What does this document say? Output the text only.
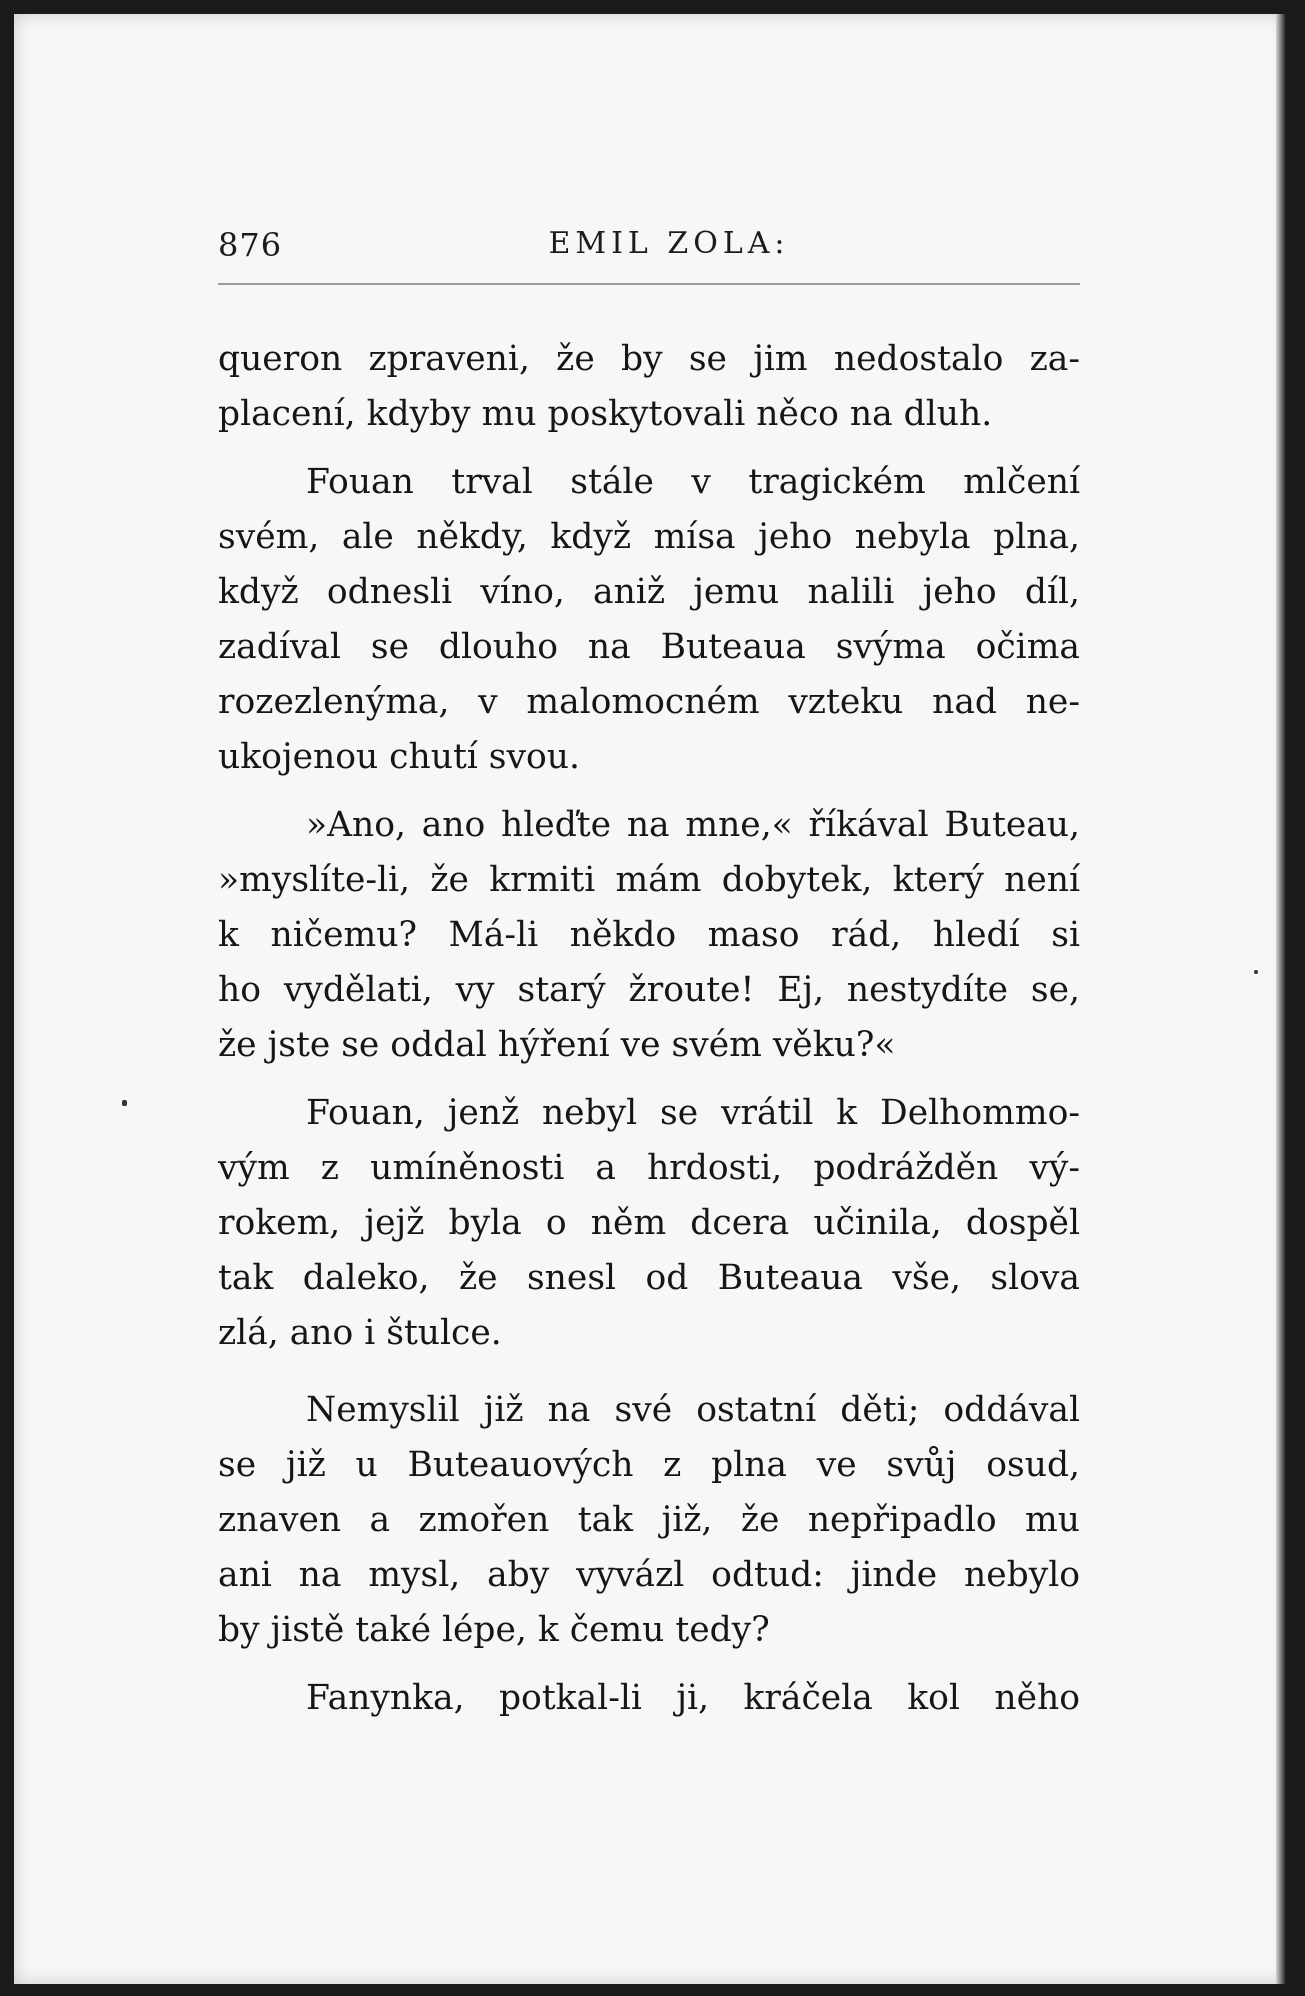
876	EMIL ZOLA:
queron zpraveni, že by se jim nedostalo za-
placení, kdyby mu poskytovali něco na dluh.
Fouan trval stále v tragickém mlčení
svém, ale někdy, když mísa jeho nebyla plna,
když odnesli víno, aniž jemu nalili jeho díl,
zadíval se dlouho na Buteaua svýma očima
rozezlenýma, v malomocném vzteku nad ne-
ukojenou chutí svou.
»Ano, ano hleďte na mne,« říkával Buteau,
»myslíte-li, že krmiti mám dobytek, který není
k ničemu? Má-li někdo maso rád, hledí si
ho vydělati, vy starý žroute! Ej, nestydíte se,
že jste se oddal hýření ve svém věku?«
Fouan, jenž nebyl se vrátil k Delhommo-
vým z umíněnosti a hrdosti, podrážděn vý-
rokem, jejž byla o něm dcera učinila, dospěl
tak daleko, že snesl od Buteaua vše, slova
zlá, ano i štulce.
Nemyslil již na své ostatní děti; oddával
se již u Buteauových z plna ve svůj osud,
znaven a zmořen tak již, že nepřipadlo mu
ani na mysl, aby vyvázl odtud: jinde nebylo
by jistě také lépe, k čemu tedy?
Fanynka, potkal-li ji, kráčela kol něho
